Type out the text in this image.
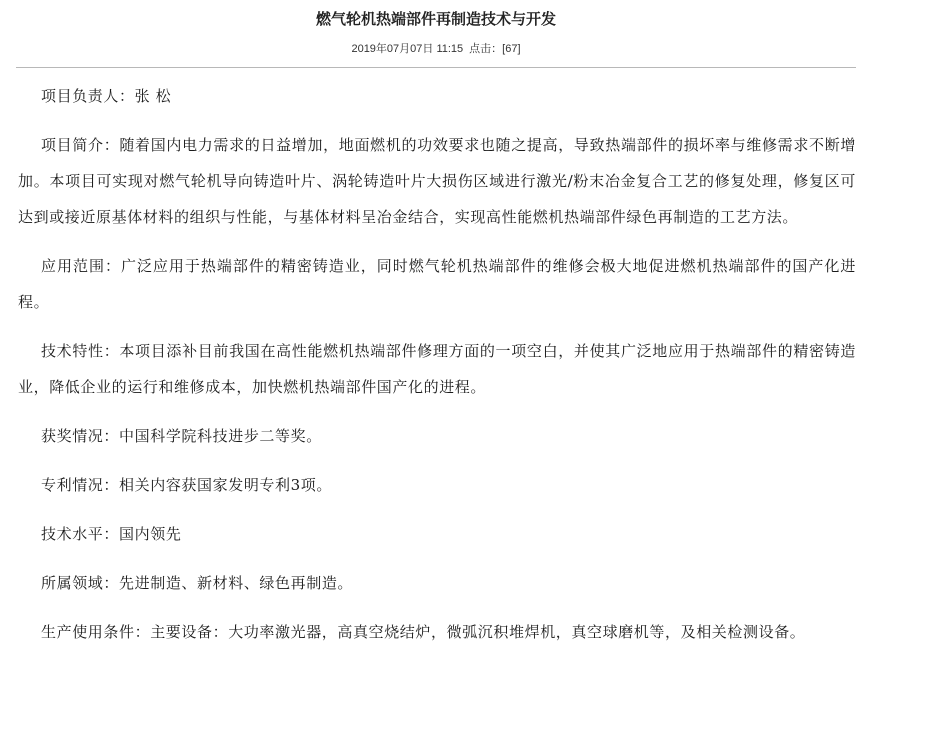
燃气轮机热端部件再制造技术与开发
2019年07月07日 11:15 点击：[67]

项目负责人：张 松

项目简介：随着国内电力需求的日益增加，地面燃机的功效要求也随之提高，导致热端部件的损坏率与维修需求不断增加。本项目可实现对燃气轮机导向铸造叶片、涡轮铸造叶片大损伤区域进行激光/粉末冶金复合工艺的修复处理，修复区可达到或接近原基体材料的组织与性能，与基体材料呈冶金结合，实现高性能燃机热端部件绿色再制造的工艺方法。

应用范围：广泛应用于热端部件的精密铸造业，同时燃气轮机热端部件的维修会极大地促进燃机热端部件的国产化进程。

技术特性：本项目添补目前我国在高性能燃机热端部件修理方面的一项空白，并使其广泛地应用于热端部件的精密铸造业，降低企业的运行和维修成本，加快燃机热端部件国产化的进程。

获奖情况：中国科学院科技进步二等奖。

专利情况：相关内容获国家发明专利3项。

技术水平：国内领先

所属领域：先进制造、新材料、绿色再制造。

生产使用条件：主要设备：大功率激光器，高真空烧结炉，微弧沉积堆焊机，真空球磨机等，及相关检测设备。
